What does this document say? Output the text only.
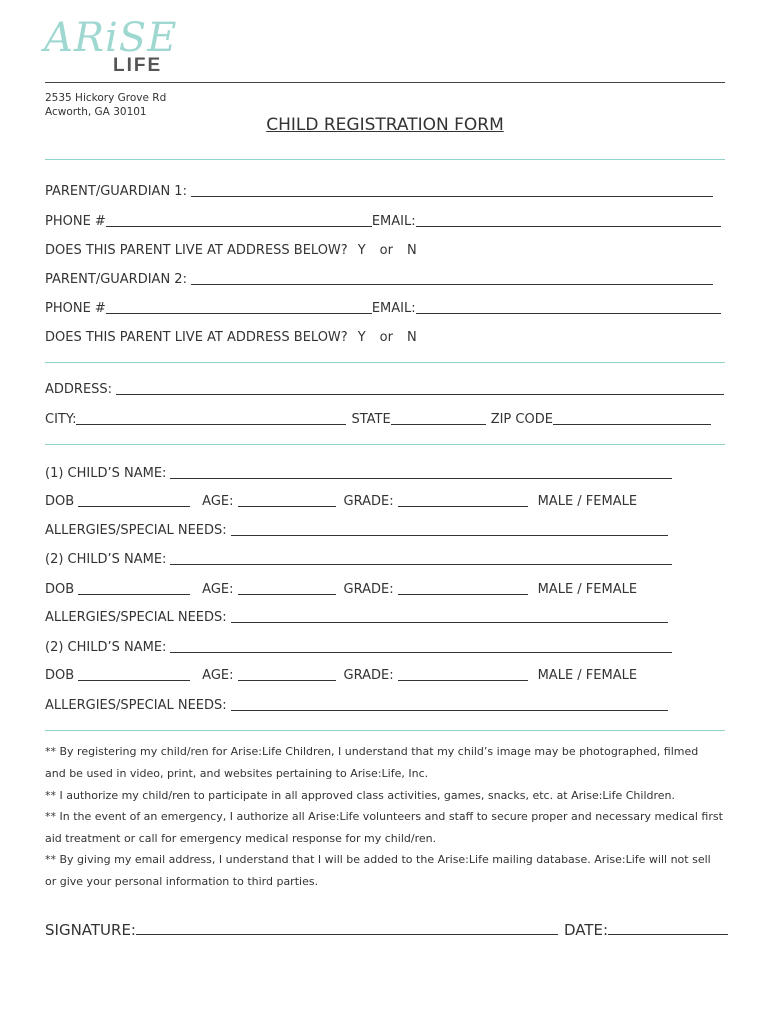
ARiSE
LIFE
2535 Hickory Grove Rd
Acworth, GA 30101
CHILD REGISTRATION FORM
PARENT/GUARDIAN 1:
PHONE #	EMAIL:
DOES THIS PARENT LIVE AT ADDRESS BELOW? Y or N
PARENT/GUARDIAN 2:
PHONE #	EMAIL:
DOES THIS PARENT LIVE AT ADDRESS BELOW? Y or N
ADDRESS:
CITY:	STATE	ZIP CODE
(1) CHILD’S NAME:
DOB	AGE:	GRADE:	MALE / FEMALE
ALLERGIES/SPECIAL NEEDS:
(2) CHILD’S NAME:
DOB	AGE:	GRADE:	MALE / FEMALE
ALLERGIES/SPECIAL NEEDS:
(2) CHILD’S NAME:
DOB	AGE:	GRADE:	MALE / FEMALE
ALLERGIES/SPECIAL NEEDS:
** By registering my child/ren for Arise:Life Children, I understand that my child’s image may be photographed, filmed
and be used in video, print, and websites pertaining to Arise:Life, Inc.
** I authorize my child/ren to participate in all approved class activities, games, snacks, etc. at Arise:Life Children.
** In the event of an emergency, I authorize all Arise:Life volunteers and staff to secure proper and necessary medical first
aid treatment or call for emergency medical response for my child/ren.
** By giving my email address, I understand that I will be added to the Arise:Life mailing database. Arise:Life will not sell
or give your personal information to third parties.
SIGNATURE:	DATE:
